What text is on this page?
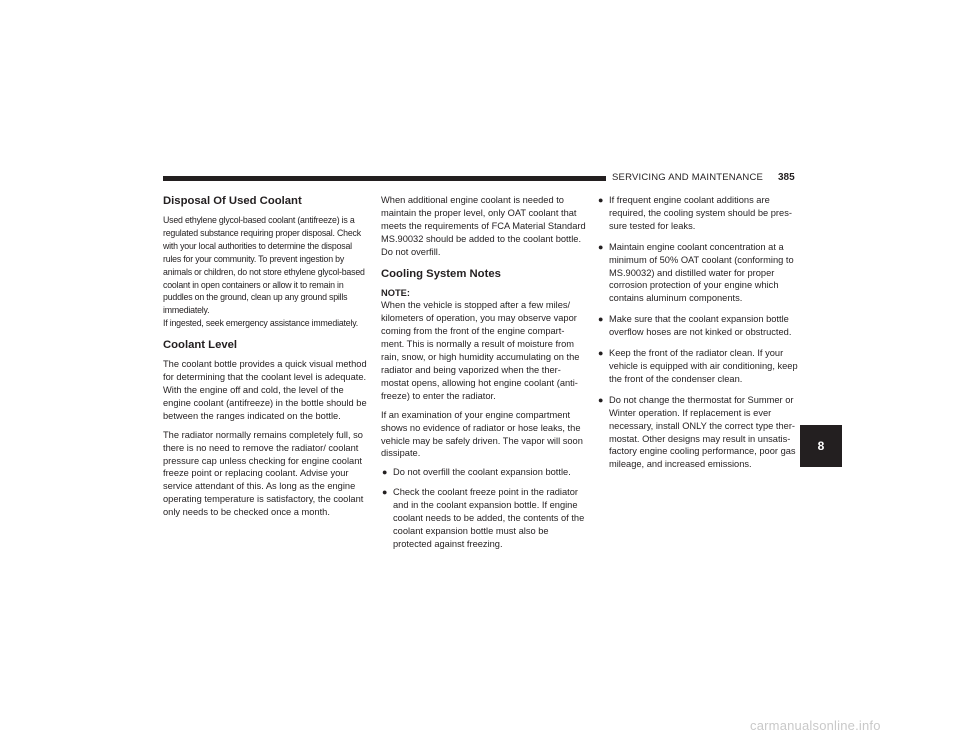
SERVICING AND MAINTENANCE	385
Disposal Of Used Coolant

Used ethylene glycol-based coolant (antifreeze) is a regulated substance requiring proper disposal. Check with your local authorities to determine the disposal rules for your community. To prevent ingestion by animals or children, do not store ethylene glycol-based coolant in open containers or allow it to remain in puddles on the ground, clean up any ground spills immediately.

If ingested, seek emergency assistance immediately.

Coolant Level

The coolant bottle provides a quick visual method for determining that the coolant level is adequate. With the engine off and cold, the level of the engine coolant (antifreeze) in the bottle should be between the ranges indicated on the bottle.

The radiator normally remains completely full, so there is no need to remove the radiator/ coolant pressure cap unless checking for engine coolant freeze point or replacing coolant. Advise your service attendant of this. As long as the engine operating temperature is satisfactory, the coolant only needs to be checked once a month.

When additional engine coolant is needed to maintain the proper level, only OAT coolant that meets the requirements of FCA Material Standard MS.90032 should be added to the coolant bottle. Do not overfill.

Cooling System Notes

NOTE:
When the vehicle is stopped after a few miles/ kilometers of operation, you may observe vapor coming from the front of the engine compart- ment. This is normally a result of moisture from rain, snow, or high humidity accumulating on the radiator and being vaporized when the ther- mostat opens, allowing hot engine coolant (anti- freeze) to enter the radiator.

If an examination of your engine compartment shows no evidence of radiator or hose leaks, the vehicle may be safely driven. The vapor will soon dissipate.

● Do not overfill the coolant expansion bottle.
● Check the coolant freeze point in the radiator and in the coolant expansion bottle. If engine coolant needs to be added, the contents of the coolant expansion bottle must also be protected against freezing.
● If frequent engine coolant additions are required, the cooling system should be pres- sure tested for leaks.
● Maintain engine coolant concentration at a minimum of 50% OAT coolant (conforming to MS.90032) and distilled water for proper corrosion protection of your engine which contains aluminum components.
● Make sure that the coolant expansion bottle overflow hoses are not kinked or obstructed.
● Keep the front of the radiator clean. If your vehicle is equipped with air conditioning, keep the front of the condenser clean.
● Do not change the thermostat for Summer or Winter operation. If replacement is ever necessary, install ONLY the correct type ther- mostat. Other designs may result in unsatis- factory engine cooling performance, poor gas mileage, and increased emissions.
8
carmanualsonline.info
